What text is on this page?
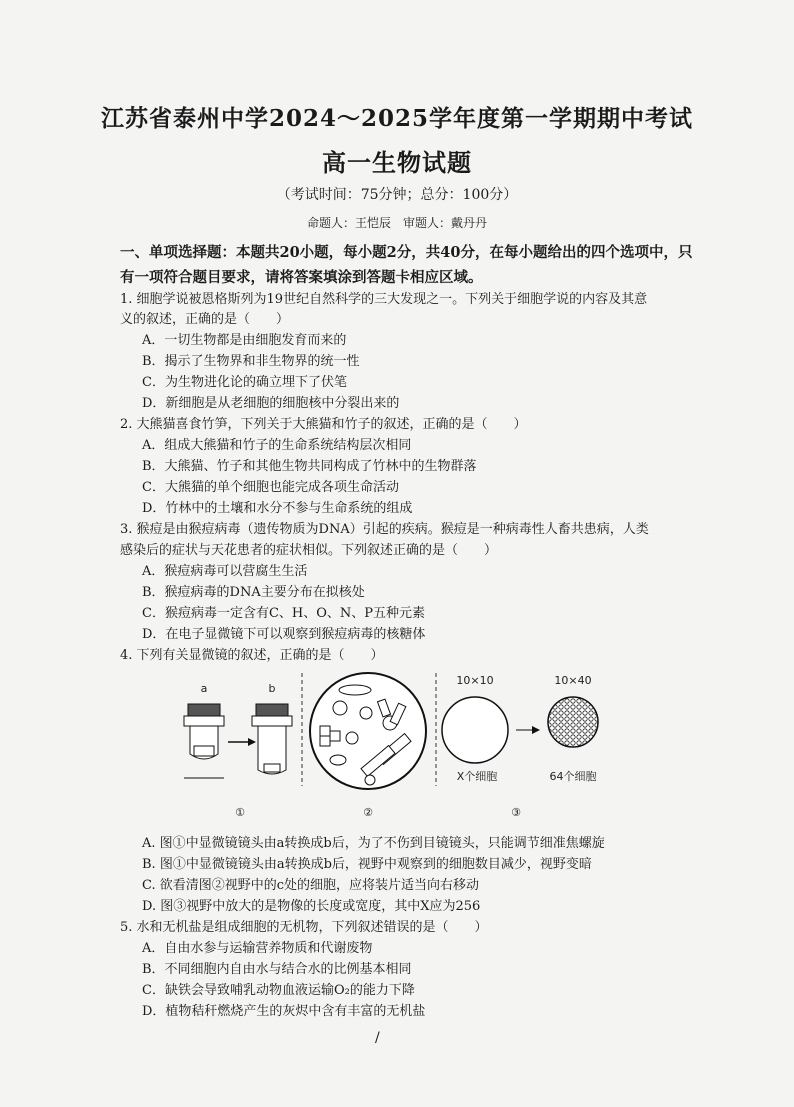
江苏省泰州中学2024～2025学年度第一学期期中考试
高一生物试题
（考试时间：75分钟；总分：100分）
命题人：王恺辰　审题人：戴丹丹
一、单项选择题：本题共20小题，每小题2分，共40分，在每小题给出的四个选项中，只
有一项符合题目要求，请将答案填涂到答题卡相应区域。
1. 细胞学说被恩格斯列为19世纪自然科学的三大发现之一。下列关于细胞学说的内容及其意
义的叙述，正确的是（　　）
A．一切生物都是由细胞发育而来的
B．揭示了生物界和非生物界的统一性
C．为生物进化论的确立埋下了伏笔
D．新细胞是从老细胞的细胞核中分裂出来的
2. 大熊猫喜食竹笋，下列关于大熊猫和竹子的叙述，正确的是（　　）
A．组成大熊猫和竹子的生命系统结构层次相同
B．大熊猫、竹子和其他生物共同构成了竹林中的生物群落
C．大熊猫的单个细胞也能完成各项生命活动
D．竹林中的土壤和水分不参与生命系统的组成
3. 猴痘是由猴痘病毒（遗传物质为DNA）引起的疾病。猴痘是一种病毒性人畜共患病，人类
感染后的症状与天花患者的症状相似。下列叙述正确的是（　　）
A．猴痘病毒可以营腐生生活
B．猴痘病毒的DNA主要分布在拟核处
C．猴痘病毒一定含有C、H、O、N、P五种元素
D．在电子显微镜下可以观察到猴痘病毒的核糖体
4. 下列有关显微镜的叙述，正确的是（　　）
a	b
①	②
10×10
X个细胞
10×40
64个细胞
③
A. 图①中显微镜镜头由a转换成b后，为了不伤到目镜镜头，只能调节细准焦螺旋
B. 图①中显微镜镜头由a转换成b后，视野中观察到的细胞数目减少，视野变暗
C. 欲看清图②视野中的c处的细胞，应将装片适当向右移动
D. 图③视野中放大的是物像的长度或宽度，其中X应为256
5. 水和无机盐是组成细胞的无机物，下列叙述错误的是（　　）
A．自由水参与运输营养物质和代谢废物
B．不同细胞内自由水与结合水的比例基本相同
C．缺铁会导致哺乳动物血液运输O₂的能力下降
D．植物秸秆燃烧产生的灰烬中含有丰富的无机盐
/
